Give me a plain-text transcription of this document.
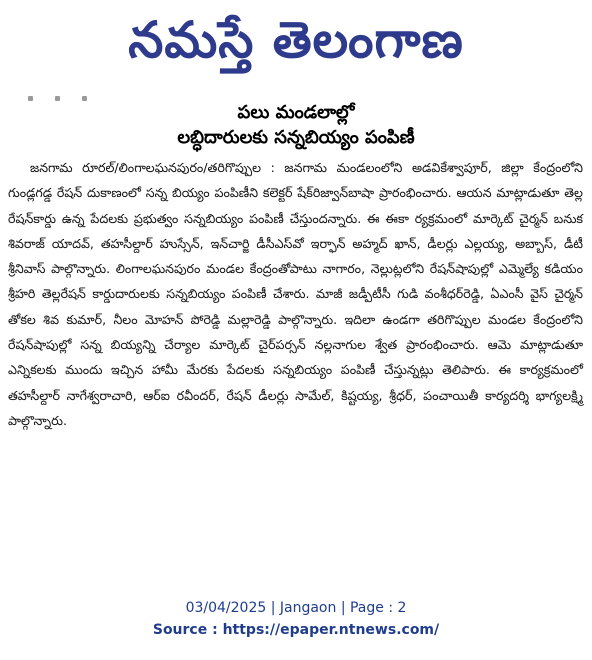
నమస్తే తెలంగాణ
పలు మండలాల్లో
లబ్ధిదారులకు సన్నబియ్యం పంపిణీ

జనగామ రూరల్/లింగాలఘనపురం/తరిగొప్పుల : జనగామ మండలంలోని అడవికేశ్వాపూర్, జిల్లా కేంద్రంలోని గుండ్లగడ్డ రేషన్ దుకాణంలో సన్న బియ్యం పంపిణీని కలెక్టర్ షేక్‌రిజ్వాన్‌బాషా ప్రారంభించారు. ఆయన మాట్లాడుతూ తెల్ల రేషన్‌కార్డు ఉన్న పేదలకు ప్రభుత్వం సన్నబియ్యం పంపిణీ చేస్తుందన్నారు. ఈ ఈకా ర్యక్రమంలో మార్కెట్ చైర్మన్ బనుక శివరాజ్ యాదవ్, తహసీల్దార్ హుస్సేన్, ఇన్‌చార్జి డీసీఎస్‌వో ఇర్ఫాన్ అహ్మద్ ఖాన్, డీలర్లు ఎల్లయ్య, అబ్బాస్, డీటీ శ్రీనివాస్ పాల్గొన్నారు. లింగాలఘనపురం మండల కేంద్రంతోపాటు నాగారం, నెల్లుట్లలోని రేషన్‌షాపుల్లో ఎమ్మెల్యే కడియం శ్రీహరి తెల్లరేషన్ కార్డుదారులకు సన్నబియ్యం పంపిణీ చేశారు. మాజీ జడ్పీటీసీ గుడి వంశీధర్‌రెడ్డి, ఏఎంసీ వైస్ చైర్మన్ తోకల శివ కుమార్, నీలం మోహన్ పోరెడ్డి మల్లారెడ్డి పాల్గొన్నారు. ఇదిలా ఉండగా తరిగొప్పుల మండల కేంద్రంలోని రేషన్‌షాపుల్లో సన్న బియ్యన్ని చేర్యాల మార్కెట్ చైర్‌పర్సన్ నల్లనాగుల శ్వేత ప్రారంభించారు. ఆమె మాట్లాడుతూ ఎన్నికలకు ముందు ఇచ్చిన హామీ మేరకు పేదలకు సన్నబియ్యం పంపిణీ చేస్తున్నట్లు తెలిపారు. ఈ కార్యక్రమంలో తహసీల్దార్ నాగేశ్వరాచారి, ఆర్ఐ రవీందర్, రేషన్ డీలర్లు సామేల్, కిష్టయ్య, శ్రీధర్, పంచాయితీ కార్యదర్శి భాగ్యలక్ష్మి పాల్గొన్నారు.

03/04/2025 | Jangaon | Page : 2
Source : https://epaper.ntnews.com/
